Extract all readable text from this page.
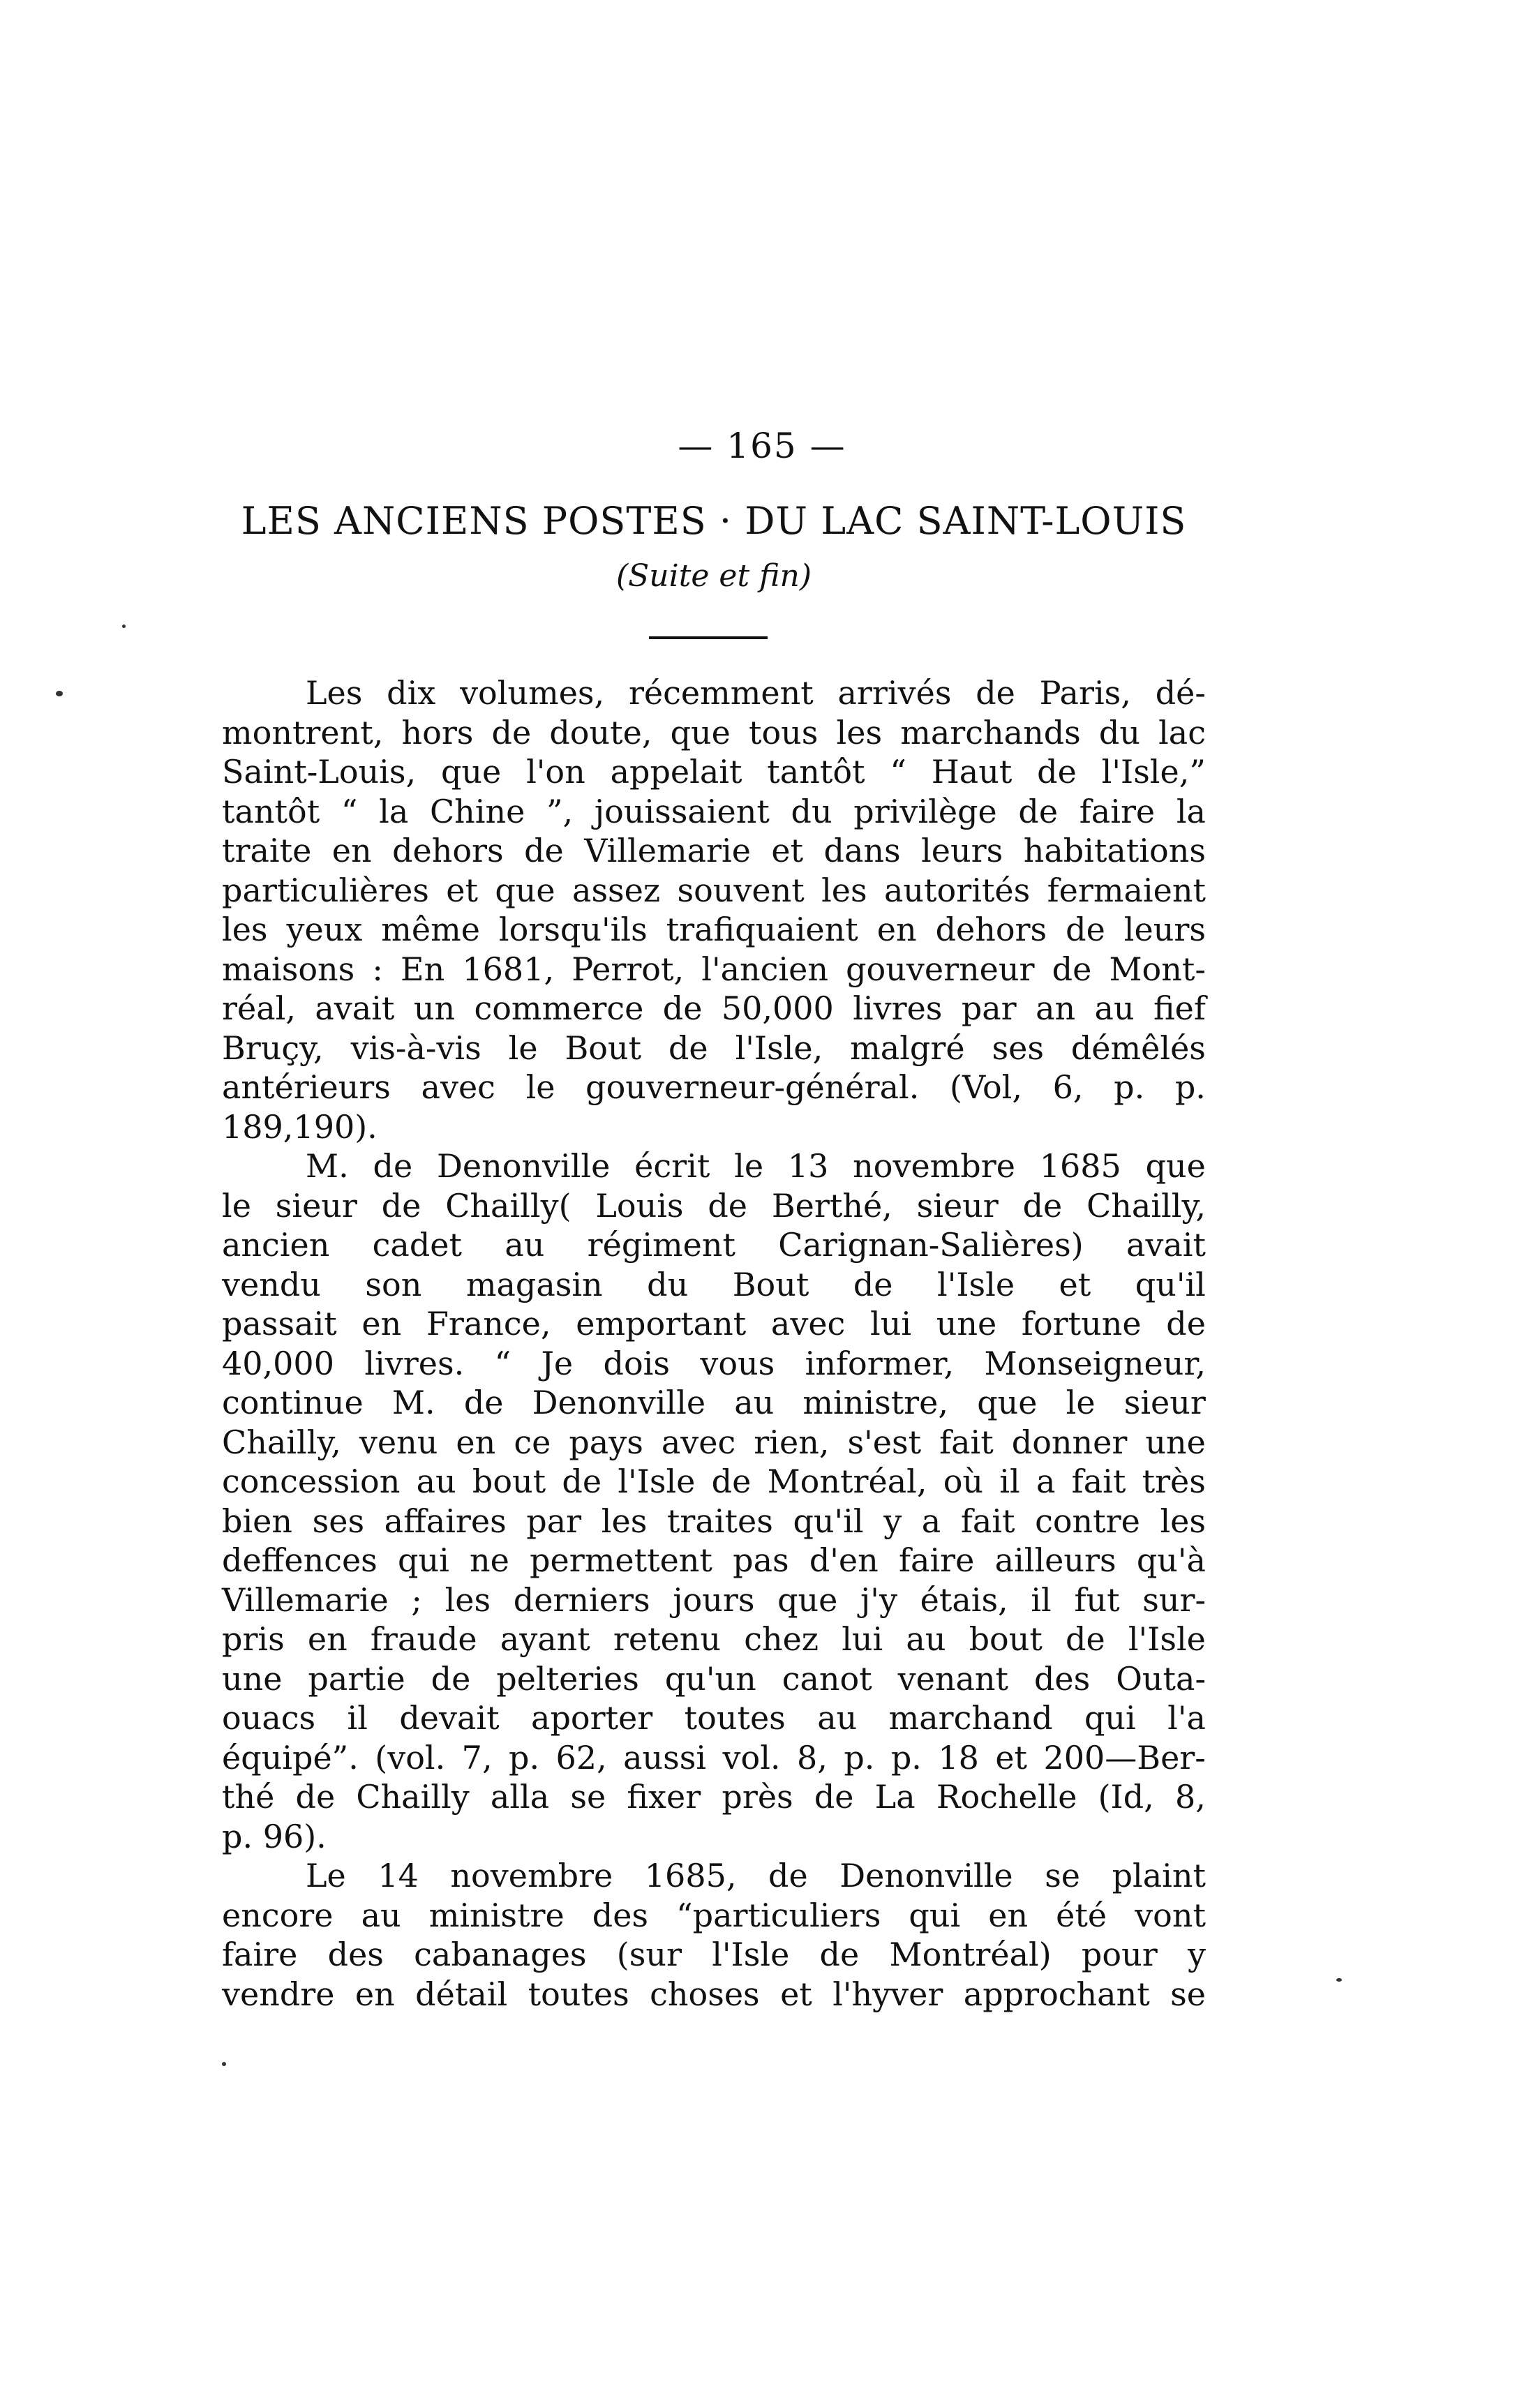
— 165 —
LES ANCIENS POSTES · DU LAC SAINT-LOUIS
(Suite et fin)
Les dix volumes, récemment arrivés de Paris, dé-
montrent, hors de doute, que tous les marchands du lac
Saint-Louis, que l'on appelait tantôt “ Haut de l'Isle,”
tantôt “ la Chine ”, jouissaient du privilège de faire la
traite en dehors de Villemarie et dans leurs habitations
particulières et que assez souvent les autorités fermaient
les yeux même lorsqu'ils trafiquaient en dehors de leurs
maisons : En 1681, Perrot, l'ancien gouverneur de Mont-
réal, avait un commerce de 50,000 livres par an au fief
Bruçy, vis-à-vis le Bout de l'Isle, malgré ses démêlés
antérieurs avec le gouverneur-général. (Vol, 6, p. p.
189,190).
M. de Denonville écrit le 13 novembre 1685 que
le sieur de Chailly( Louis de Berthé, sieur de Chailly,
ancien cadet au régiment Carignan-Salières) avait
vendu son magasin du Bout de l'Isle et qu'il
passait en France, emportant avec lui une fortune de
40,000 livres. “ Je dois vous informer, Monseigneur,
continue M. de Denonville au ministre, que le sieur
Chailly, venu en ce pays avec rien, s'est fait donner une
concession au bout de l'Isle de Montréal, où il a fait très
bien ses affaires par les traites qu'il y a fait contre les
deffences qui ne permettent pas d'en faire ailleurs qu'à
Villemarie ; les derniers jours que j'y étais, il fut sur-
pris en fraude ayant retenu chez lui au bout de l'Isle
une partie de pelteries qu'un canot venant des Outa-
ouacs il devait aporter toutes au marchand qui l'a
équipé”. (vol. 7, p. 62, aussi vol. 8, p. p. 18 et 200—Ber-
thé de Chailly alla se fixer près de La Rochelle (Id, 8,
p. 96).
Le 14 novembre 1685, de Denonville se plaint
encore au ministre des “particuliers qui en été vont
faire des cabanages (sur l'Isle de Montréal) pour y
vendre en détail toutes choses et l'hyver approchant se
